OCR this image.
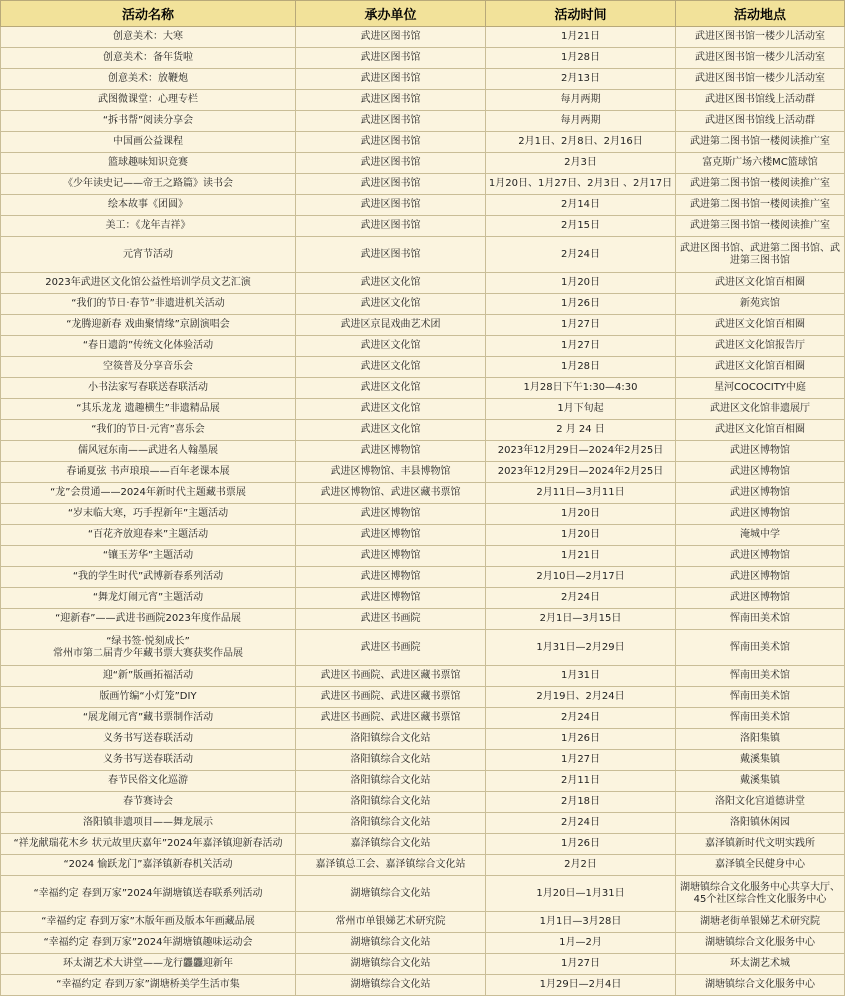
活动名称	承办单位	活动时间	活动地点
创意美术：大寒	武进区图书馆	1月21日	武进区图书馆一楼少儿活动室
创意美术：备年货啦	武进区图书馆	1月28日	武进区图书馆一楼少儿活动室
创意美术：放鞭炮	武进区图书馆	2月13日	武进区图书馆一楼少儿活动室
武图微课堂：心理专栏	武进区图书馆	每月两期	武进区图书馆线上活动群
“拆书帮”阅读分享会	武进区图书馆	每月两期	武进区图书馆线上活动群
中国画公益课程	武进区图书馆	2月1日、2月8日、2月16日	武进第二图书馆一楼阅读推广室
篮球趣味知识竞赛	武进区图书馆	2月3日	富克斯广场六楼MC篮球馆
《少年读史记——帝王之路篇》读书会	武进区图书馆	1月20日、1月27日、2月3日 、2月17日	武进第二图书馆一楼阅读推广室
绘本故事《团圆》	武进区图书馆	2月14日	武进第二图书馆一楼阅读推广室
美工：《龙年吉祥》	武进区图书馆	2月15日	武进第三图书馆一楼阅读推广室
元宵节活动	武进区图书馆	2月24日	武进区图书馆、武进第二图书馆、武进第三图书馆
2023年武进区文化馆公益性培训学员文艺汇演	武进区文化馆	1月20日	武进区文化馆百相圈
“我们的节日·春节”非遗进机关活动	武进区文化馆	1月26日	新苑宾馆
“龙腾迎新春 戏曲聚情缘”京剧演唱会	武进区京昆戏曲艺术团	1月27日	武进区文化馆百相圈
“春日遗韵”传统文化体验活动	武进区文化馆	1月27日	武进区文化馆报告厅
空篌普及分享音乐会	武进区文化馆	1月28日	武进区文化馆百相圈
小书法家写春联送春联活动	武进区文化馆	1月28日下午1:30—4:30	星河COCOCITY中庭
“其乐龙龙 遗趣横生”非遗精品展	武进区文化馆	1月下旬起	武进区文化馆非遗展厅
“我们的节日·元宵”喜乐会	武进区文化馆	2 月 24 日	武进区文化馆百相圈
儒风冠东南——武进名人翰墨展	武进区博物馆	2023年12月29日—2024年2月25日	武进区博物馆
春诵夏弦 书声琅琅——百年老课本展	武进区博物馆、丰县博物馆	2023年12月29日—2024年2月25日	武进区博物馆
“龙”会贯通——2024年新时代主题藏书票展	武进区博物馆、武进区藏书票馆	2月11日—3月11日	武进区博物馆
“岁末临大寒，巧手捏新年”主题活动	武进区博物馆	1月20日	武进区博物馆
“百花齐放迎春来”主题活动	武进区博物馆	1月20日	淹城中学
“镶玉芳华”主题活动	武进区博物馆	1月21日	武进区博物馆
“我的学生时代”武博新春系列活动	武进区博物馆	2月10日—2月17日	武进区博物馆
“舞龙灯闹元宵”主题活动	武进区博物馆	2月24日	武进区博物馆
“迎新春”——武进书画院2023年度作品展	武进区书画院	2月1日—3月15日	恽南田美术馆
“绿书签·悦刻成长”
常州市第二届青少年藏书票大赛获奖作品展	武进区书画院	1月31日—2月29日	恽南田美术馆
迎“新”版画拓福活动	武进区书画院、武进区藏书票馆	1月31日	恽南田美术馆
版画竹编“小灯笼”DIY	武进区书画院、武进区藏书票馆	2月19日、2月24日	恽南田美术馆
“展龙闹元宵”藏书票制作活动	武进区书画院、武进区藏书票馆	2月24日	恽南田美术馆
义务书写送春联活动	洛阳镇综合文化站	1月26日	洛阳集镇
义务书写送春联活动	洛阳镇综合文化站	1月27日	戴溪集镇
春节民俗文化巡游	洛阳镇综合文化站	2月11日	戴溪集镇
春节赛诗会	洛阳镇综合文化站	2月18日	洛阳文化宫道德讲堂
洛阳镇非遗项目——舞龙展示	洛阳镇综合文化站	2月24日	洛阳镇休闲园
“祥龙献瑞花木乡 状元故里庆嘉年”2024年嘉泽镇迎新春活动	嘉泽镇综合文化站	1月26日	嘉泽镇新时代文明实践所
“2024 愉跃龙门”嘉泽镇新春机关活动	嘉泽镇总工会、嘉泽镇综合文化站	2月2日	嘉泽镇全民健身中心
“幸福约定 春到万家”2024年湖塘镇送春联系列活动	湖塘镇综合文化站	1月20日—1月31日	湖塘镇综合文化服务中心共享大厅、45个社区综合性文化服务中心
“幸福约定 春到万家”木版年画及版本年画藏品展	常州市单银娣艺术研究院	1月1日—3月28日	湖塘老街单银娣艺术研究院
“幸福约定 春到万家”2024年湖塘镇趣味运动会	湖塘镇综合文化站	1月—2月	湖塘镇综合文化服务中心
环太湖艺术大讲堂——龙行龘龘迎新年	湖塘镇综合文化站	1月27日	环太湖艺术城
“幸福约定 春到万家”湖塘桥美学生活市集	湖塘镇综合文化站	1月29日—2月4日	湖塘镇综合文化服务中心
